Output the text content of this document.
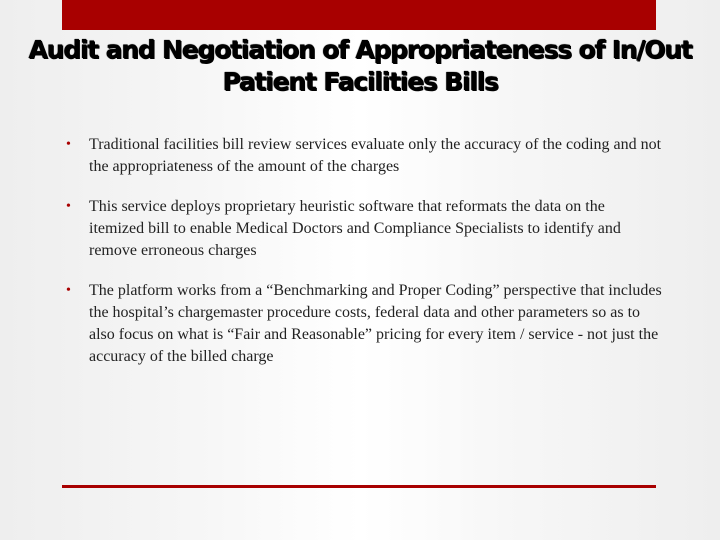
Audit and Negotiation of Appropriateness of In/Out Patient Facilities Bills
• Traditional facilities bill review services evaluate only the accuracy of the coding and not the appropriateness of the amount of the charges
• This service deploys proprietary heuristic software that reformats the data on the itemized bill to enable Medical Doctors and Compliance Specialists to identify and remove erroneous charges
• The platform works from a “Benchmarking and Proper Coding” perspective that includes the hospital’s chargemaster procedure costs, federal data and other parameters so as to also focus on what is “Fair and Reasonable” pricing for every item / service - not just the accuracy of the billed charge
